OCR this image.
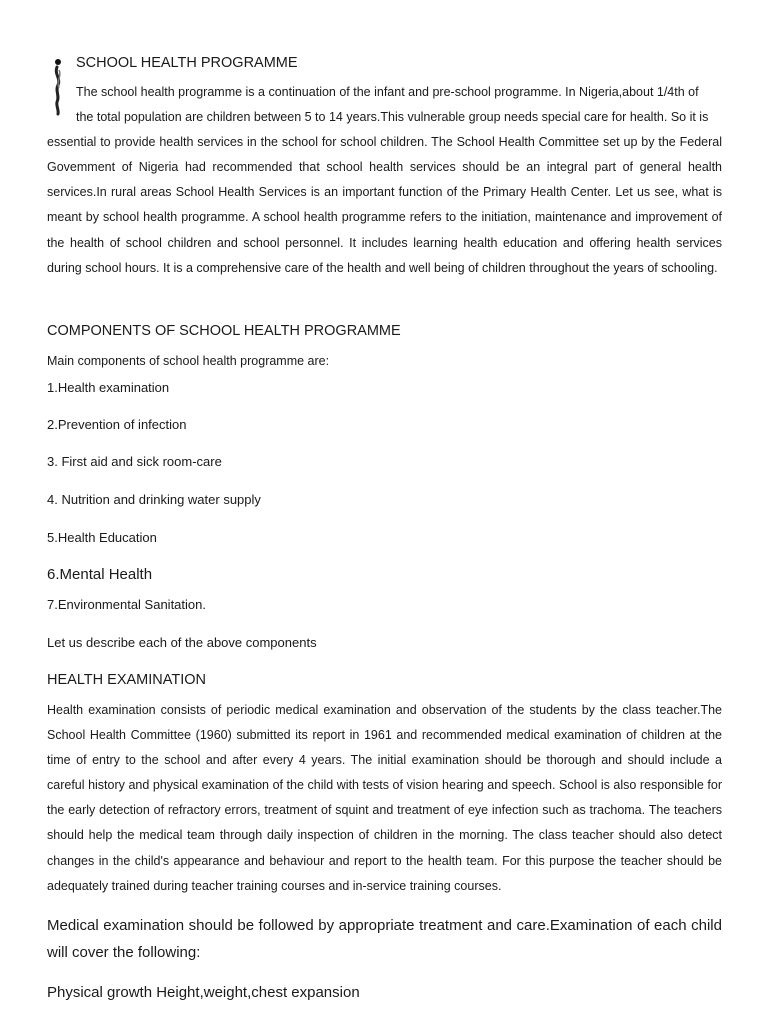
SCHOOL HEALTH PROGRAMME

The school health programme is a continuation of the infant and pre-school programme. In Nigeria,about 1/4th of
the total population are children between 5 to 14 years.This vulnerable group needs special care for health. So it is
essential to provide health services in the school for school children. The School Health Committee set up by the Federal Govemment of Nigeria had recommended that school health services should be an integral part of general health services.In rural areas School Health Services is an important function of the Primary Health Center. Let us see, what is meant by school health programme. A school health programme refers to the initiation, maintenance and improvement of the health of school children and school personnel. It includes learning health education and offering health services during school hours. It is a comprehensive care of the health and well being of children throughout the years of schooling.

COMPONENTS OF SCHOOL HEALTH PROGRAMME

Main components of school health programme are:

1.Health examination

2.Prevention of infection

3. First aid and sick room-care

4. Nutrition and drinking water supply

5.Health Education

6.Mental Health

7.Environmental Sanitation.

Let us describe each of the above components

HEALTH EXAMINATION

Health examination consists of periodic medical examination and observation of the students by the class teacher.The School Health Committee (1960) submitted its report in 1961 and recommended medical examination of children at the time of entry to the school and after every 4 years. The initial examination should be thorough and should include a careful history and physical examination of the child with tests of vision hearing and speech. School is also responsible for the early detection of refractory errors, treatment of squint and treatment of eye infection such as trachoma. The teachers should help the medical team through daily inspection of children in the morning. The class teacher should also detect changes in the child's appearance and behaviour and report to the health team. For this purpose the teacher should be adequately trained during teacher training courses and in-service training courses.

Medical examination should be followed by appropriate treatment and care.Examination of each child will cover the following:

Physical growth Height,weight,chest expansion
